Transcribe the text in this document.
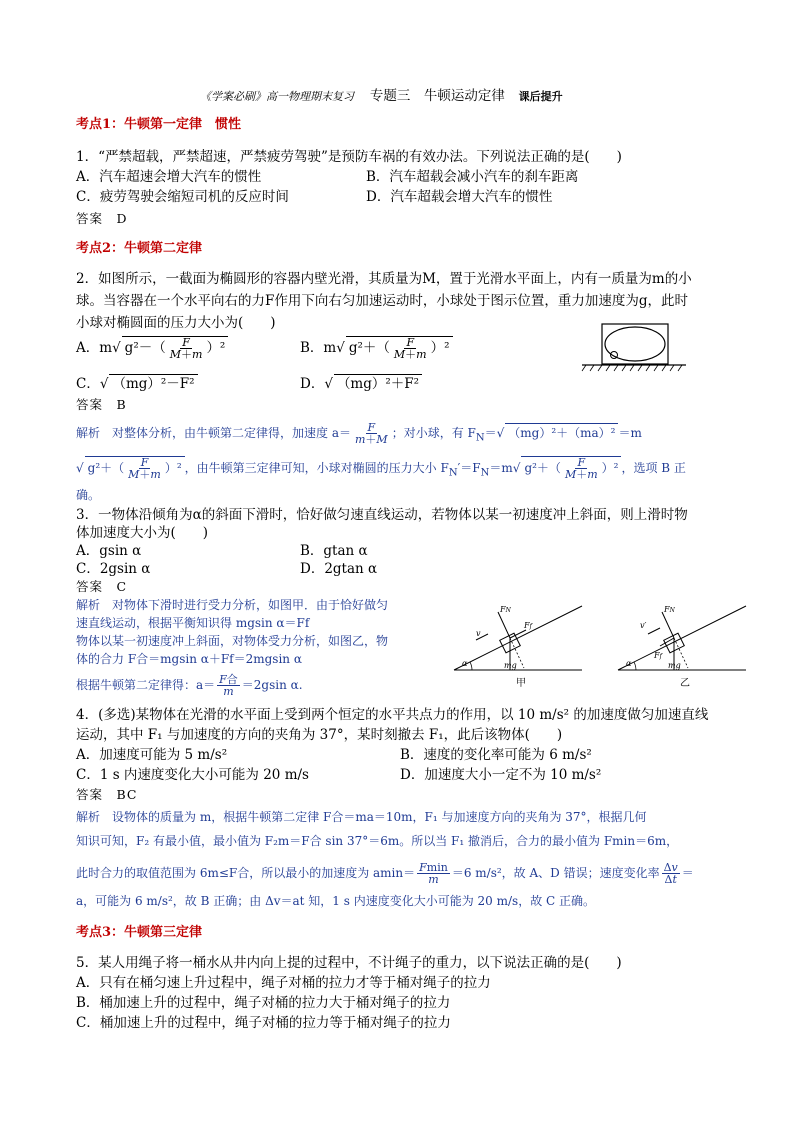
《学案必刷》高一物理期末复习 专题三　牛顿运动定律 课后提升
考点1：牛顿第一定律　惯性
1．“严禁超载，严禁超速，严禁疲劳驾驶”是预防车祸的有效办法。下列说法正确的是(　　)
A．汽车超速会增大汽车的惯性	B．汽车超载会减小汽车的刹车距离
C．疲劳驾驶会缩短司机的反应时间	D．汽车超载会增大汽车的惯性
答案　D
考点2：牛顿第二定律
2．如图所示，一截面为椭圆形的容器内壁光滑，其质量为M，置于光滑水平面上，内有一质量为m的小
球。当容器在一个水平向右的力F作用下向右匀加速运动时，小球处于图示位置，重力加速度为g，此时
小球对椭圆面的压力大小为(　　)
A．m√ $g^2-( \frac{F}{M+m} )^2$	B．m√ $g^2+( \frac{F}{M+m} )^2$
C．√ （mg）²－F²	D．√ （mg）²＋F²
答案　B
解析　对整体分析，由牛顿第二定律得，加速度 $a= \frac{F}{m+M}$ ；对小球，有 $F_N=√$ （mg）²＋（ma）² ＝m
√ $g^2+( \frac{F}{M+m} )^2$ ，由牛顿第三定律可知，小球对椭圆的压力大小 $F_N'=F_N=m√$ $g^2+( \frac{F}{M+m} )^2$ ，选项 B 正
确。
3．一物体沿倾角为α的斜面下滑时，恰好做匀速直线运动，若物体以某一初速度冲上斜面，则上滑时物
体加速度大小为(　　)
A．gsin α	B．gtan α
C．2gsin α	D．2gtan α
答案　C
解析　对物体下滑时进行受力分析，如图甲．由于恰好做匀
速直线运动，根据平衡知识得 mgsin α＝Ff
物体以某一初速度冲上斜面，对物体受力分析，如图乙，物
体的合力 F合＝mgsin α＋Ff＝2mgsin α
根据牛顿第二定律得：$a= \frac{\text{F合}}{m} =2gsin$ α.
α
FN
Ff
v
mg
甲
α
FN
Ff
v′
mg
乙
4．(多选)某物体在光滑的水平面上受到两个恒定的水平共点力的作用，以 10 m/s² 的加速度做匀加速直线
运动，其中 F₁ 与加速度的方向的夹角为 37°，某时刻撤去 F₁，此后该物体(　　)
A．加速度可能为 5 m/s²	B．速度的变化率可能为 6 m/s²
C．1 s 内速度变化大小可能为 20 m/s	D．加速度大小一定不为 10 m/s²
答案　BC
解析　设物体的质量为 m，根据牛顿第二定律 F合＝ma＝10m，F₁ 与加速度方向的夹角为 37°，根据几何
知识可知，F₂ 有最小值，最小值为 F₂m＝F合 sin 37°＝6m。所以当 F₁ 撤消后，合力的最小值为 Fmin＝6m，
此时合力的取值范围为 6m≤F合，所以最小的加速度为 $amin= \frac{Fmin}{m} =6$ m/s²，故 A、D 错误；速度变化率 $\frac{\Delta v}{\Delta t}$ ＝
a，可能为 6 m/s²，故 B 正确；由 Δv＝at 知，1 s 内速度变化大小可能为 20 m/s，故 C 正确。
考点3：牛顿第三定律
5．某人用绳子将一桶水从井内向上提的过程中，不计绳子的重力，以下说法正确的是(　　)
A．只有在桶匀速上升过程中，绳子对桶的拉力才等于桶对绳子的拉力
B．桶加速上升的过程中，绳子对桶的拉力大于桶对绳子的拉力
C．桶加速上升的过程中，绳子对桶的拉力等于桶对绳子的拉力
